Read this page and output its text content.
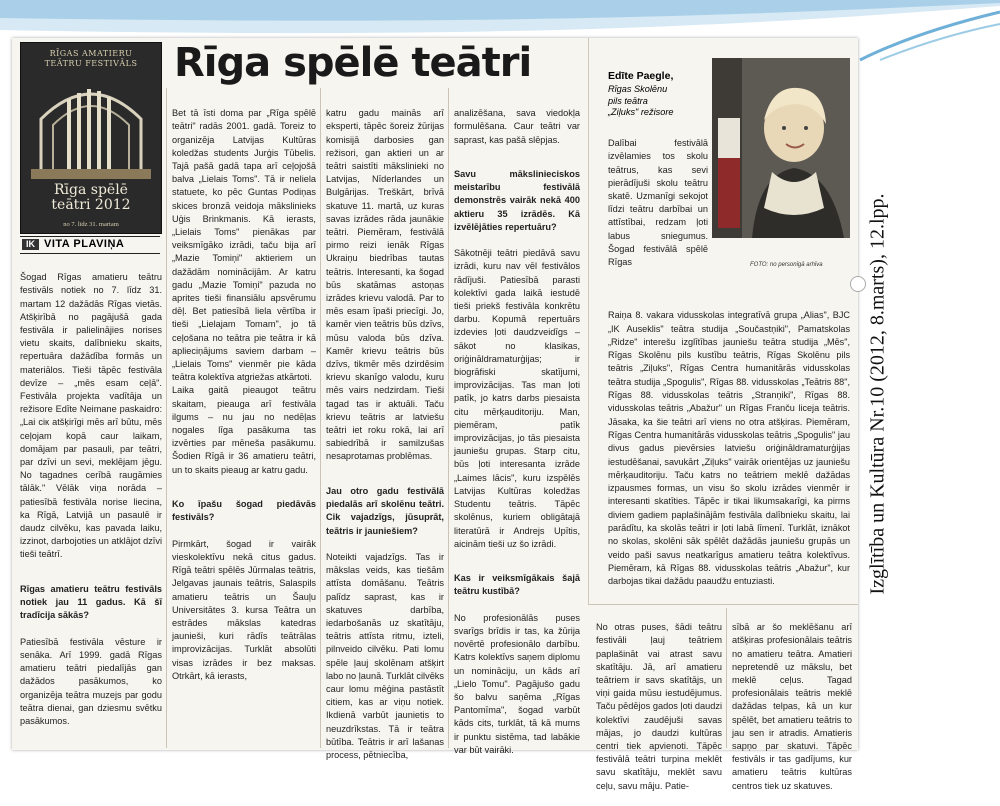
RĪGAS AMATIERU
TEĀTRU FESTIVĀLS
Rīga spēlē
teātri 2012
no 7. līdz 31. martam
Rīga spēlē teātri
IK VITA PLAVIŅA

Šogad Rīgas amatieru teātru festivāls notiek no 7. līdz 31. martam 12 dažādās Rīgas vietās. Atšķirībā no pagājušā gada festivāla ir palielinājies norises vietu skaits, dalībnieku skaits, repertuāra dažādība formās un materiālos. Tieši tāpēc festivāla devīze – „mēs esam ceļā". Festivāla projekta vadītāja un režisore Edīte Neimane paskaidro: „Lai ciк atšķirīgi mēs arī būtu, mēs ceļojam kopā caur laikam, domājam par pasauli, par teātri, par dzīvi un sevi, meklējam jēgu. No tagadnes cerībā raugāmies tālāk." Vēlāk viņa norāda – patiesībā festivāla norise liecina, ka Rīgā, Latvijā un pasaulē ir daudz cilvēku, kas pavada laiku, izzinot, darbojoties un atklājot dzīvi tieši teātrī.

Rīgas amatieru teātru festivāls notiek jau 11 gadus. Kā šī tradīcija sākās?

Patiesībā festivāla vēsture ir senāka. Arī 1999. gadā Rīgas amatieru teātri piedalījās gan dažādos pasākumos, ko organizēja teātra muzejs par godu teātra dienai, gan dziesmu svētku pasākumos.

Bet tā īsti doma par „Rīga spēlē teātri" radās 2001. gadā. Toreiz to organizēja Latvijas Kultūras koledžas students Jurģis Tūbelis. Tajā pašā gadā tapa arī ceļojošā balva „Lielais Toms". Tā ir neliela statuete, ko pēc Guntas Podiņas skices bronzā veidoja mākslinieks Uģis Brinkmanis. Kā ierasts, „Lielais Toms" pienākas par veiksmīgāko izrādi, taču bija arī „Mazie Tomiņi" aktieriem un dažādām nominācijām. Ar katru gadu „Mazie Tomiņi" pazuda no aprites tieši finansiālu apsvērumu dēļ. Bet patiesībā liela vērtība ir tieši „Lielajam Tomam", jo tā ceļošana no teātra pie teātra ir kā aplieciņājums saviem darbam – „Lielais Toms" vienmēr pie kāda teātra kolektīva atgriežas atkārtoti.
Laika gaitā pieaugot teātru skaitam, pieauga arī festivāla ilgums – nu jau no nedēļas nogales līga pasākuma tas izvērties par mēneša pasākumu. Šodien Rīgā ir 36 amatieru teātri, un to skaits pieaug ar katru gadu.

Ko īpašu šogad piedāvās festivāls?

Pirmkārt, šogad ir vairāk vieskolektīvu nekā citus gadus. Rīgā teātri spēlēs Jūrmalas teātris, Jelgavas jaunais teātris, Salaspils amatieru teātris un Šauļu Universitātes 3. kursa Teātra un estrādes mākslas katedras jaunieši, kuri rādīs teātrālas improvizācijas. Turklāt absolūti visas izrādes ir bez maksas. Otrkārt, kā ierasts,

katru gadu mainās arī eksperti, tāpēc šoreiz žūrijas komisijā darbosies gan režisori, gan aktieri un ar teātri saistīti mākslinieki no Latvijas, Nīderlandes un Bulgārijas. Treškārt, brīvā skatuve 11. martā, uz kuras savas izrādes rāda jaunākie teātri. Piemēram, festivālā pirmo reizi ienāk Rīgas Ukraiņu biedrības tautas teātris. Interesanti, ka šogad būs skatāmas astoņas izrādes krievu valodā. Par to mēs esam īpaši priecīgi. Jo, kamēr vien teātris būs dzīvs, mūsu valoda būs dzīva. Kamēr krievu teātris būs dzīvs, tikmēr mēs dzirdēsim krievu skanīgo valodu, kuru mēs vairs nedzirdam. Tieši tagad tas ir aktuāli. Taču krievu teātris ar latviešu teātri iet roku rokā, lai arī sabiedrībā ir samilzušas nesaprotamas problēmas.

Jau otro gadu festivālā piedalās arī skolēnu teātri. Cik vajadzīgs, jūsuprāt, teātris ir jauniešiem?

Noteikti vajadzīgs. Tas ir mākslas veids, kas tiešām attīsta domāšanu. Teātris palīdz saprast, kas ir skatuves darbība, iedarbošanās uz skatītāju, teātris attīsta ritmu, izteli, pilnveido cilvēku. Pati lomu spēle ļauj skolēnam atšķirt labo no ļaunā. Turklāt cilvēks caur lomu mēģina pastāstīt citiem, kas ar viņu notiek. Ikdienā varbūt jaunietis to neuzdrīkstas. Tā ir teātra būtība. Teātris ir arī lašanas process, pētniecība,

analizēšana, sava viedokļa formulēšana. Caur teātri var saprast, kas pašā slēpjas.

Savu mākslinieciskos meistarību festivālā demonstrēs vairāk nekā 400 aktieru 35 izrādēs. Kā izvēlējāties repertuāru?

Sākotnēji teātri piedāvā savu izrādi, kuru nav vēl festivālos rādījuši. Patiesībā parasti kolektīvi gada laikā iestudē tieši priekš festivāla konkrētu darbu. Kopumā repertuārs izdevies ļoti daudzveidīgs – sākot no klasikas, oriģināldramaturģijas; ir biogrāfiski skatījumi, improvizācijas. Tas man ļoti patīk, jo katrs darbs piesaista citu mērķauditoriju. Man, piemēram, patīk improvizācijas, jo tās piesaista jauniešu grupas. Starp citu, būs ļoti interesanta izrāde „Laimes lācis", kuru izspēlēs Latvijas Kultūras koledžas Studentu teātris. Tāpēc skolēnus, kuriem obligātajā literatūrā ir Andrejs Upītis, aicinām tieši uz šo izrādi.

Kas ir veiksmīgākais šajā teātru kustībā?

No profesionālās puses svarīgs brīdis ir tas, ka žūrija novērtē profesionālo darbību. Katrs kolektīvs saņem diplomu un nomināciju, un kāds arī „Lielo Tomu". Pagājušo gadu šo balvu saņēma „Rīgas Pantomīma", šogad varbūt kāds cits, turklāt, tā kā mums ir punktu sistēma, tad labākie var būt vairāki.

Edīte Paegle,
Rīgas Skolēnu
pils teātra
„Ziļuks" režisore
FOTO: no personīgā arhīva

Dalībai festivālā izvēlamies tos skolu teātrus, kas sevi pierādījuši skolu teātru skatē. Uzmanīgi sekojot līdzi teātru darbībai un attīstībai, redzam ļoti labus sniegumus. Šogad festivālā spēlē Rīgas

Raiņa 8. vakara vidusskolas integratīvā grupa „Alias", BJC „IK Auseklis" teātra studija „Součastņiki", Pamatskolas „Ridze" interešu izglītības jauniešu teātra studija „Mēs", Rīgas Skolēnu pils kustību teātris, Rīgas Skolēnu pils teātris „Ziļuks", Rīgas Centra humanitārās vidusskolas teātra studija „Spogulis", Rīgas 88. vidusskolas „Teātris 88", Rīgas 88. vidusskolas teātris „Stranņiki", Rīgas 88. vidusskolas teātris „Abažur" un Rīgas Franču liceja teātris. Jāsaka, ka šie teātri arī viens no otra atšķiras. Piemēram, Rīgas Centra humanitārās vidusskolas teātris „Spogulis" jau divus gadus pievērsies latviešu oriģināldramaturģijas iestudēšanai, savukārt „Ziļuks" vairāk orientējas uz jauniešu mērķauditoriju. Taču katrs no teātriem meklē dažādas izpausmes formas, un visu šo skolu izrādes vienmēr ir interesanti skatīties. Tāpēc ir tikai likumsakarīgi, ka pirms diviem gadiem paplašinājām festivāla dalībnieku skaitu, lai parādītu, ka skolās teātri ir ļoti labā līmenī. Turklāt, iznākot no skolas, skolēni sāk spēlēt dažādās jauniešu grupās un veido paši savus neatkarīgus amatieru teātra kolektīvus. Piemēram, kā Rīgas 88. vidusskolas teātris „Abažur", kur darbojas tikai dažādu paaudžu entuziasti.

No otras puses, šādi teātru festivāli ļauj teātriem paplašināt vai atrast savu skatītāju. Jā, arī amatieru teātriem ir savs skatītājs, un viņi gaida mūsu iestudējumus. Taču pēdējos gados ļoti daudzi kolektīvi zaudējuši savas mājas, jo daudzi kultūras centri tiek apvienoti. Tāpēc festivālā teātri turpina meklēt savu skatītāju, meklēt savu ceļu, savu māju. Patie-

sībā ar šo meklēšanu arī atšķiras profesionālais teātris no amatieru teātra. Amatieri nepretendē uz mākslu, bet meklē ceļus. Tagad profesionālais teātris meklē dažādas telpas, kā un kur spēlēt, bet amatieru teātris to jau sen ir atradis. Amatieris sapņo par skatuvi. Tāpēc festivāls ir tas gadījums, kur amatieru teātris kultūras centros tiek uz skatuves.

Izglītība un Kultūra Nr.10 (2012, 8.marts), 12.lpp.
